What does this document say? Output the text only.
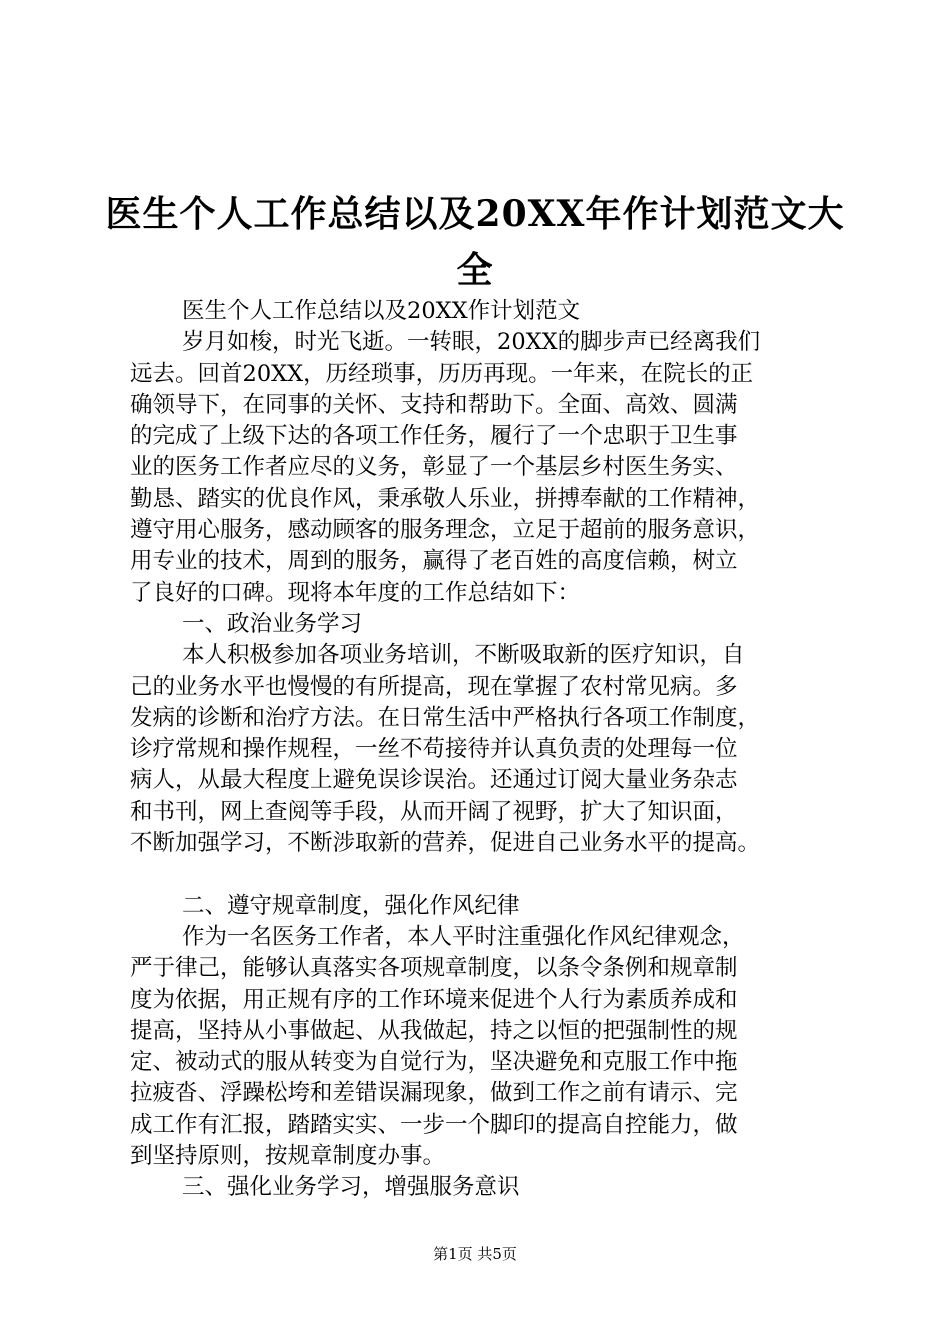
医生个人工作总结以及20XX年作计划范文大
全
医生个人工作总结以及20XX作计划范文
岁月如梭，时光飞逝。一转眼，20XX的脚步声已经离我们
远去。回首20XX，历经琐事，历历再现。一年来，在院长的正
确领导下，在同事的关怀、支持和帮助下。全面、高效、圆满
的完成了上级下达的各项工作任务，履行了一个忠职于卫生事
业的医务工作者应尽的义务，彰显了一个基层乡村医生务实、
勤恳、踏实的优良作风，秉承敬人乐业，拼搏奉献的工作精神，
遵守用心服务，感动顾客的服务理念，立足于超前的服务意识，
用专业的技术，周到的服务，赢得了老百姓的高度信赖，树立
了良好的口碑。现将本年度的工作总结如下：
一、政治业务学习
本人积极参加各项业务培训，不断吸取新的医疗知识，自
己的业务水平也慢慢的有所提高，现在掌握了农村常见病。多
发病的诊断和治疗方法。在日常生活中严格执行各项工作制度，
诊疗常规和操作规程，一丝不苟接待并认真负责的处理每一位
病人，从最大程度上避免误诊误治。还通过订阅大量业务杂志
和书刊，网上查阅等手段，从而开阔了视野，扩大了知识面，
不断加强学习，不断涉取新的营养，促进自己业务水平的提高。
二、遵守规章制度，强化作风纪律
作为一名医务工作者，本人平时注重强化作风纪律观念，
严于律己，能够认真落实各项规章制度，以条令条例和规章制
度为依据，用正规有序的工作环境来促进个人行为素质养成和
提高，坚持从小事做起、从我做起，持之以恒的把强制性的规
定、被动式的服从转变为自觉行为，坚决避免和克服工作中拖
拉疲沓、浮躁松垮和差错误漏现象，做到工作之前有请示、完
成工作有汇报，踏踏实实、一步一个脚印的提高自控能力，做
到坚持原则，按规章制度办事。
三、强化业务学习，增强服务意识
第1页 共5页
